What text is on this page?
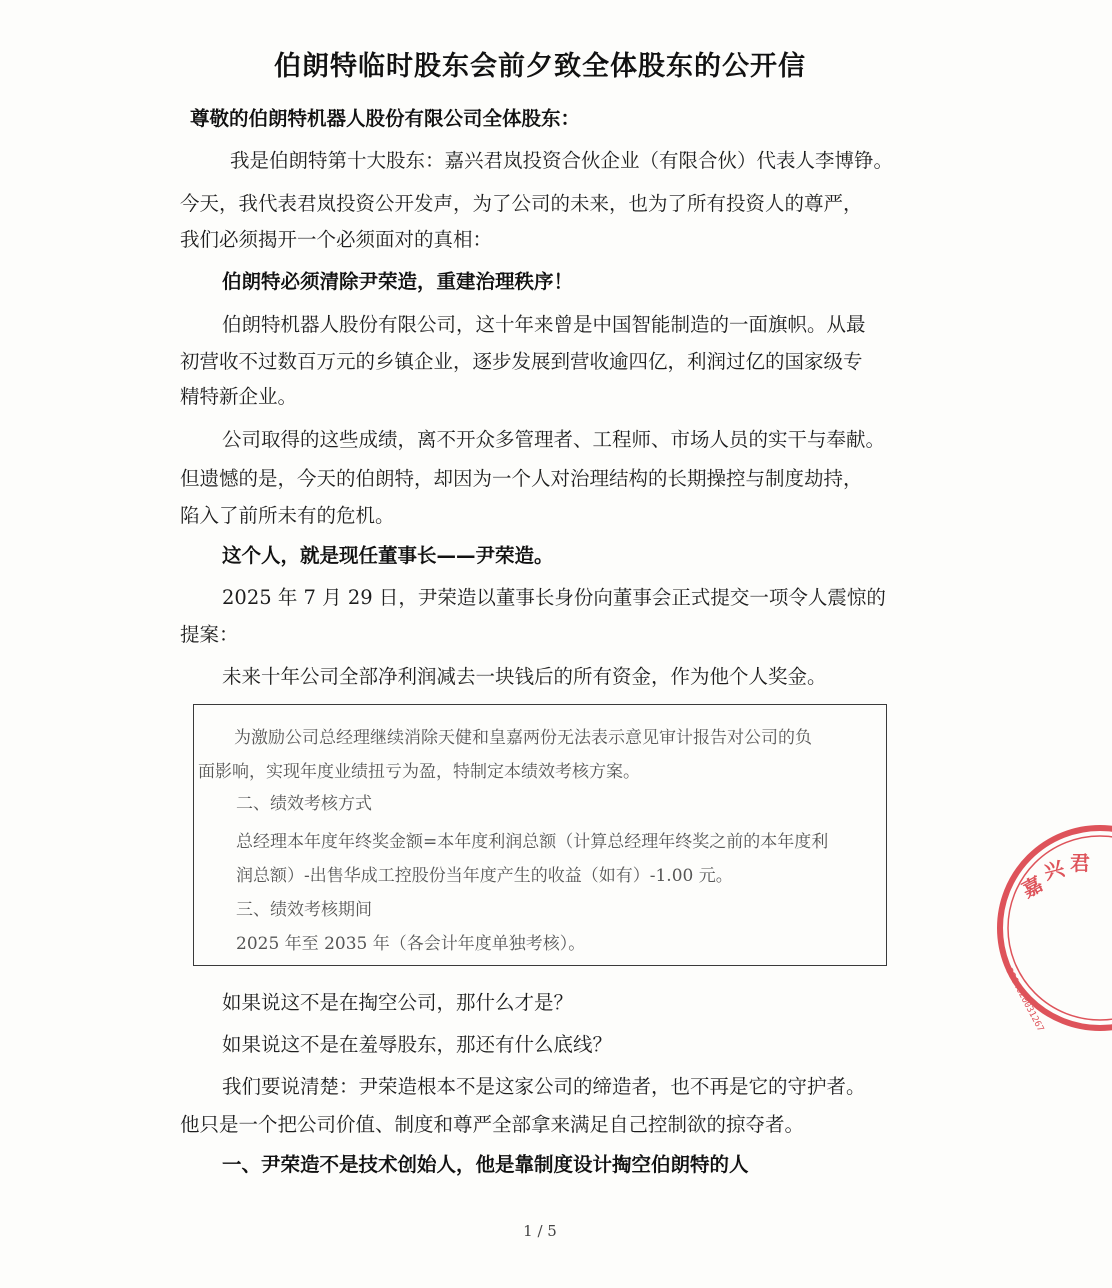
伯朗特临时股东会前夕致全体股东的公开信
尊敬的伯朗特机器人股份有限公司全体股东：
我是伯朗特第十大股东：嘉兴君岚投资合伙企业（有限合伙）代表人李博铮。
今天，我代表君岚投资公开发声，为了公司的未来，也为了所有投资人的尊严，
我们必须揭开一个必须面对的真相：
伯朗特必须清除尹荣造，重建治理秩序！
伯朗特机器人股份有限公司，这十年来曾是中国智能制造的一面旗帜。从最
初营收不过数百万元的乡镇企业，逐步发展到营收逾四亿，利润过亿的国家级专
精特新企业。
公司取得的这些成绩，离不开众多管理者、工程师、市场人员的实干与奉献。
但遗憾的是，今天的伯朗特，却因为一个人对治理结构的长期操控与制度劫持，
陷入了前所未有的危机。
这个人，就是现任董事长——尹荣造。
2025 年 7 月 29 日，尹荣造以董事长身份向董事会正式提交一项令人震惊的
提案：
未来十年公司全部净利润减去一块钱后的所有资金，作为他个人奖金。
为激励公司总经理继续消除天健和皇嘉两份无法表示意见审计报告对公司的负
面影响，实现年度业绩扭亏为盈，特制定本绩效考核方案。
二、绩效考核方式
总经理本年度年终奖金额=本年度利润总额（计算总经理年终奖之前的本年度利
润总额）-出售华成工控股份当年度产生的收益（如有）-1.00 元。
三、绩效考核期间
2025 年至 2035 年（各会计年度单独考核）。
如果说这不是在掏空公司，那什么才是？
如果说这不是在羞辱股东，那还有什么底线？
我们要说清楚：尹荣造根本不是这家公司的缔造者，也不再是它的守护者。
他只是一个把公司价值、制度和尊严全部拿来满足自己控制欲的掠夺者。
一、尹荣造不是技术创始人，他是靠制度设计掏空伯朗特的人
1 / 5
嘉
兴 君
3304020031267
